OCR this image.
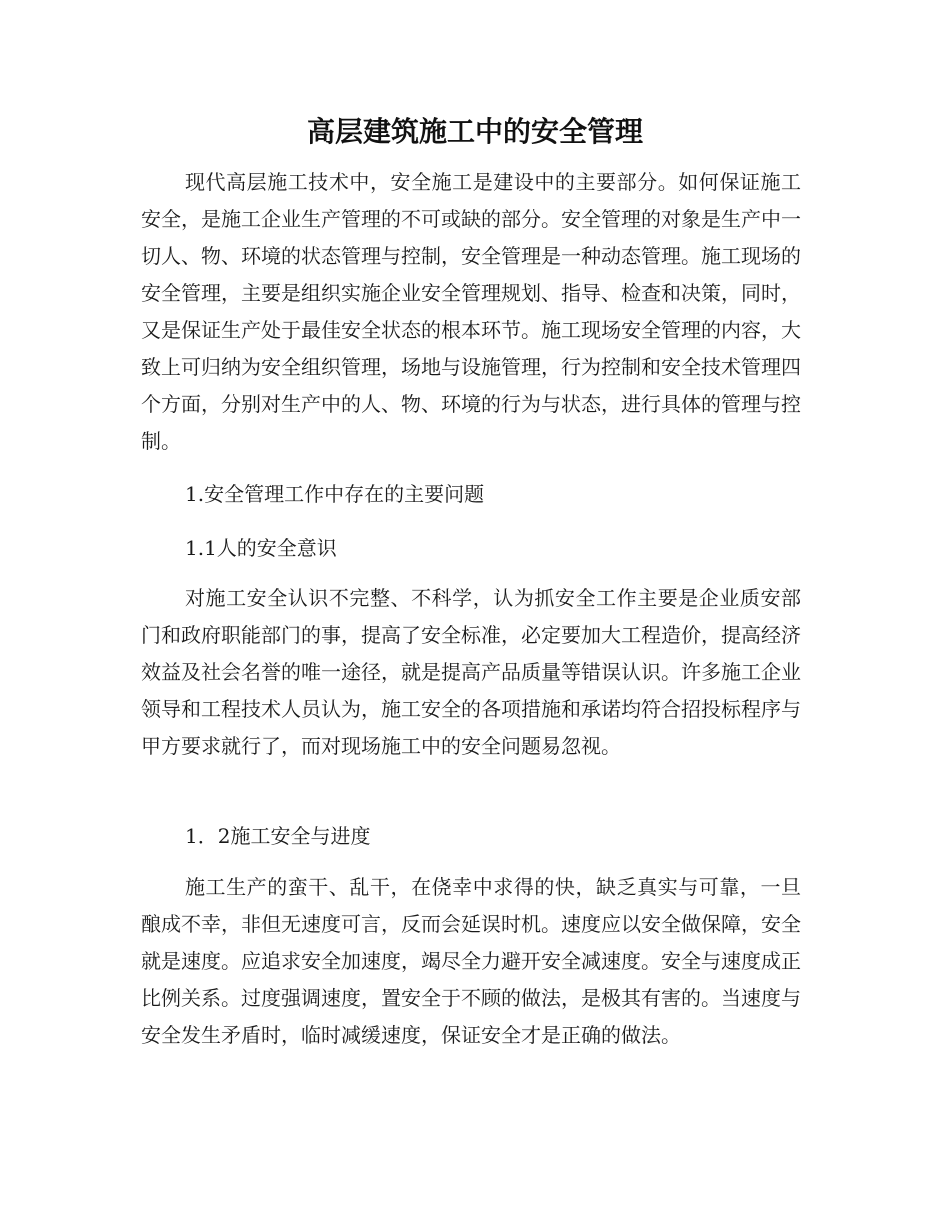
高层建筑施工中的安全管理

现代高层施工技术中，安全施工是建设中的主要部分。如何保证施工安全，是施工企业生产管理的不可或缺的部分。安全管理的对象是生产中一切人、物、环境的状态管理与控制，安全管理是一种动态管理。施工现场的安全管理，主要是组织实施企业安全管理规划、指导、检查和决策，同时，又是保证生产处于最佳安全状态的根本环节。施工现场安全管理的内容，大致上可归纳为安全组织管理，场地与设施管理，行为控制和安全技术管理四个方面，分别对生产中的人、物、环境的行为与状态，进行具体的管理与控制。

1.安全管理工作中存在的主要问题

1.1人的安全意识

对施工安全认识不完整、不科学，认为抓安全工作主要是企业质安部门和政府职能部门的事，提高了安全标准，必定要加大工程造价，提高经济效益及社会名誉的唯一途径，就是提高产品质量等错误认识。许多施工企业领导和工程技术人员认为，施工安全的各项措施和承诺均符合招投标程序与甲方要求就行了，而对现场施工中的安全问题易忽视。

1．2施工安全与进度

施工生产的蛮干、乱干，在侥幸中求得的快，缺乏真实与可靠，一旦酿成不幸，非但无速度可言，反而会延误时机。速度应以安全做保障，安全就是速度。应追求安全加速度，竭尽全力避开安全减速度。安全与速度成正比例关系。过度强调速度，置安全于不顾的做法，是极其有害的。当速度与安全发生矛盾时，临时减缓速度，保证安全才是正确的做法。
